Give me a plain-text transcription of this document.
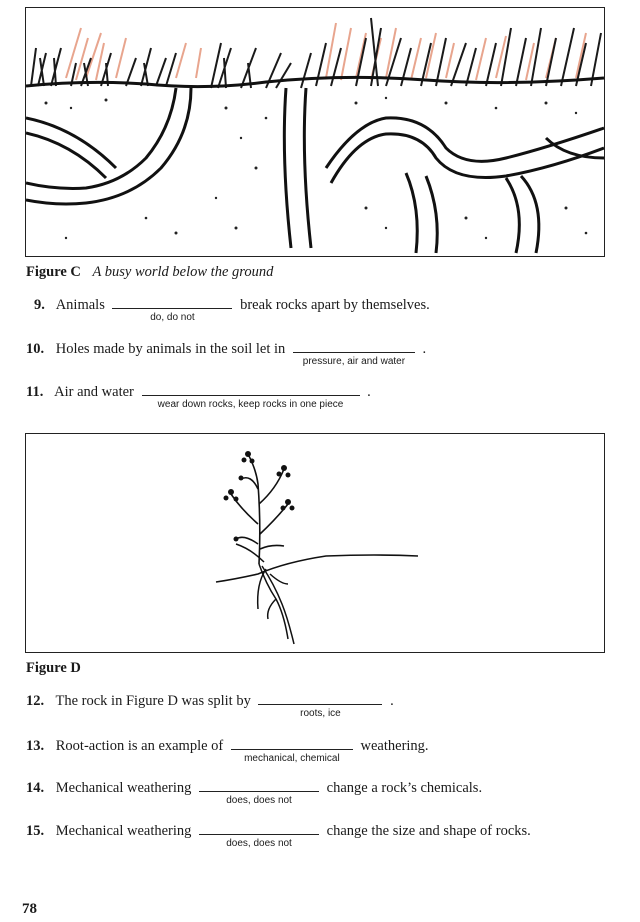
Figure C A busy world below the ground
9. Animals
do, do not
break rocks apart by themselves.
10. Holes made by animals in the soil let in
pressure, air and water
.
11. Air and water
wear down rocks, keep rocks in one piece
.
Figure D
12. The rock in Figure D was split by
roots, ice
.
13. Root-action is an example of
mechanical, chemical
weathering.
14. Mechanical weathering
does, does not
change a rock’s chemicals.
15. Mechanical weathering
does, does not
change the size and shape of rocks.
78
